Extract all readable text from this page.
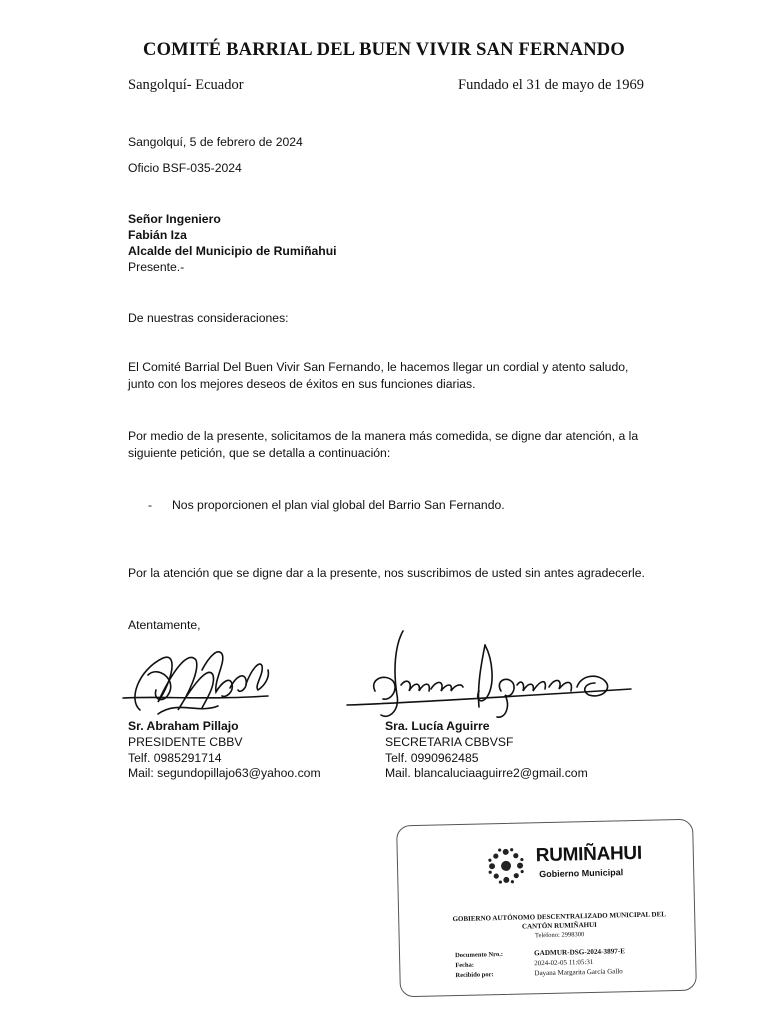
COMITÉ BARRIAL DEL BUEN VIVIR SAN FERNANDO
Sangolquí- Ecuador	Fundado el 31 de mayo de 1969
Sangolquí, 5 de febrero de 2024
Oficio BSF-035-2024
Señor Ingeniero
Fabián Iza
Alcalde del Municipio de Rumiñahui
Presente.-
De nuestras consideraciones:
El Comité Barrial Del Buen Vivir San Fernando, le hacemos llegar un cordial y atento saludo, junto con los mejores deseos de éxitos en sus funciones diarias.
Por medio de la presente, solicitamos de la manera más comedida, se digne dar atención, a la siguiente petición, que se detalla a continuación:
- Nos proporcionen el plan vial global del Barrio San Fernando.
Por la atención que se digne dar a la presente, nos suscribimos de usted sin antes agradecerle.
Atentamente,
Sr. Abraham Pillajo
PRESIDENTE CBBV
Telf. 0985291714
Mail: segundopillajo63@yahoo.com
Sra. Lucía Aguirre
SECRETARIA CBBVSF
Telf. 0990962485
Mail. blancaluciaaguirre2@gmail.com
RUMIÑAHUI
Gobierno Municipal
GOBIERNO AUTÓNOMO DESCENTRALIZADO MUNICIPAL DEL
CANTÓN RUMIÑAHUI
Teléfono: 2998300
Documento Nro.:	GADMUR-DSG-2024-3897-E
Fecha:	2024-02-05 11:05:31
Recibido por:	Dayana Margarita García Gallo
